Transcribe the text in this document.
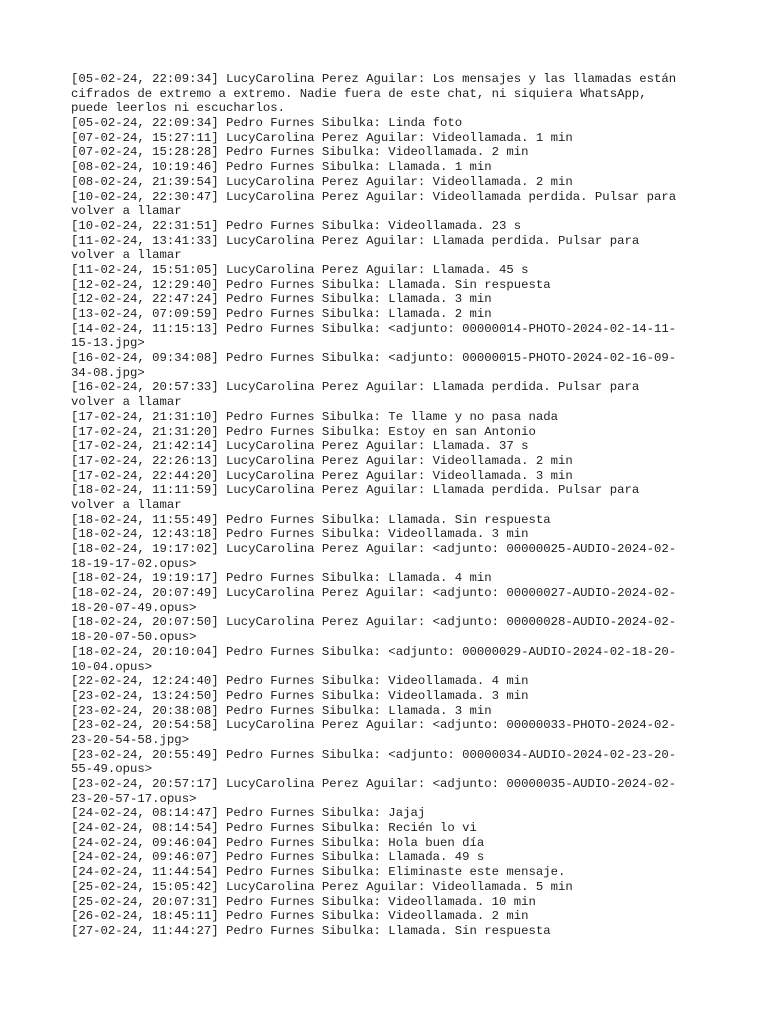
[05-02-24, 22:09:34] LucyCarolina Perez Aguilar: Los mensajes y las llamadas están
cifrados de extremo a extremo. Nadie fuera de este chat, ni siquiera WhatsApp,
puede leerlos ni escucharlos.
[05-02-24, 22:09:34] Pedro Furnes Sibulka: Linda foto
[07-02-24, 15:27:11] LucyCarolina Perez Aguilar: Videollamada. 1 min
[07-02-24, 15:28:28] Pedro Furnes Sibulka: Videollamada. 2 min
[08-02-24, 10:19:46] Pedro Furnes Sibulka: Llamada. 1 min
[08-02-24, 21:39:54] LucyCarolina Perez Aguilar: Videollamada. 2 min
[10-02-24, 22:30:47] LucyCarolina Perez Aguilar: Videollamada perdida. Pulsar para
volver a llamar
[10-02-24, 22:31:51] Pedro Furnes Sibulka: Videollamada. 23 s
[11-02-24, 13:41:33] LucyCarolina Perez Aguilar: Llamada perdida. Pulsar para
volver a llamar
[11-02-24, 15:51:05] LucyCarolina Perez Aguilar: Llamada. 45 s
[12-02-24, 12:29:40] Pedro Furnes Sibulka: Llamada. Sin respuesta
[12-02-24, 22:47:24] Pedro Furnes Sibulka: Llamada. 3 min
[13-02-24, 07:09:59] Pedro Furnes Sibulka: Llamada. 2 min
[14-02-24, 11:15:13] Pedro Furnes Sibulka: <adjunto: 00000014-PHOTO-2024-02-14-11-
15-13.jpg>
[16-02-24, 09:34:08] Pedro Furnes Sibulka: <adjunto: 00000015-PHOTO-2024-02-16-09-
34-08.jpg>
[16-02-24, 20:57:33] LucyCarolina Perez Aguilar: Llamada perdida. Pulsar para
volver a llamar
[17-02-24, 21:31:10] Pedro Furnes Sibulka: Te llame y no pasa nada
[17-02-24, 21:31:20] Pedro Furnes Sibulka: Estoy en san Antonio
[17-02-24, 21:42:14] LucyCarolina Perez Aguilar: Llamada. 37 s
[17-02-24, 22:26:13] LucyCarolina Perez Aguilar: Videollamada. 2 min
[17-02-24, 22:44:20] LucyCarolina Perez Aguilar: Videollamada. 3 min
[18-02-24, 11:11:59] LucyCarolina Perez Aguilar: Llamada perdida. Pulsar para
volver a llamar
[18-02-24, 11:55:49] Pedro Furnes Sibulka: Llamada. Sin respuesta
[18-02-24, 12:43:18] Pedro Furnes Sibulka: Videollamada. 3 min
[18-02-24, 19:17:02] LucyCarolina Perez Aguilar: <adjunto: 00000025-AUDIO-2024-02-
18-19-17-02.opus>
[18-02-24, 19:19:17] Pedro Furnes Sibulka: Llamada. 4 min
[18-02-24, 20:07:49] LucyCarolina Perez Aguilar: <adjunto: 00000027-AUDIO-2024-02-
18-20-07-49.opus>
[18-02-24, 20:07:50] LucyCarolina Perez Aguilar: <adjunto: 00000028-AUDIO-2024-02-
18-20-07-50.opus>
[18-02-24, 20:10:04] Pedro Furnes Sibulka: <adjunto: 00000029-AUDIO-2024-02-18-20-
10-04.opus>
[22-02-24, 12:24:40] Pedro Furnes Sibulka: Videollamada. 4 min
[23-02-24, 13:24:50] Pedro Furnes Sibulka: Videollamada. 3 min
[23-02-24, 20:38:08] Pedro Furnes Sibulka: Llamada. 3 min
[23-02-24, 20:54:58] LucyCarolina Perez Aguilar: <adjunto: 00000033-PHOTO-2024-02-
23-20-54-58.jpg>
[23-02-24, 20:55:49] Pedro Furnes Sibulka: <adjunto: 00000034-AUDIO-2024-02-23-20-
55-49.opus>
[23-02-24, 20:57:17] LucyCarolina Perez Aguilar: <adjunto: 00000035-AUDIO-2024-02-
23-20-57-17.opus>
[24-02-24, 08:14:47] Pedro Furnes Sibulka: Jajaj
[24-02-24, 08:14:54] Pedro Furnes Sibulka: Recién lo vi
[24-02-24, 09:46:04] Pedro Furnes Sibulka: Hola buen día
[24-02-24, 09:46:07] Pedro Furnes Sibulka: Llamada. 49 s
[24-02-24, 11:44:54] Pedro Furnes Sibulka: Eliminaste este mensaje.
[25-02-24, 15:05:42] LucyCarolina Perez Aguilar: Videollamada. 5 min
[25-02-24, 20:07:31] Pedro Furnes Sibulka: Videollamada. 10 min
[26-02-24, 18:45:11] Pedro Furnes Sibulka: Videollamada. 2 min
[27-02-24, 11:44:27] Pedro Furnes Sibulka: Llamada. Sin respuesta
